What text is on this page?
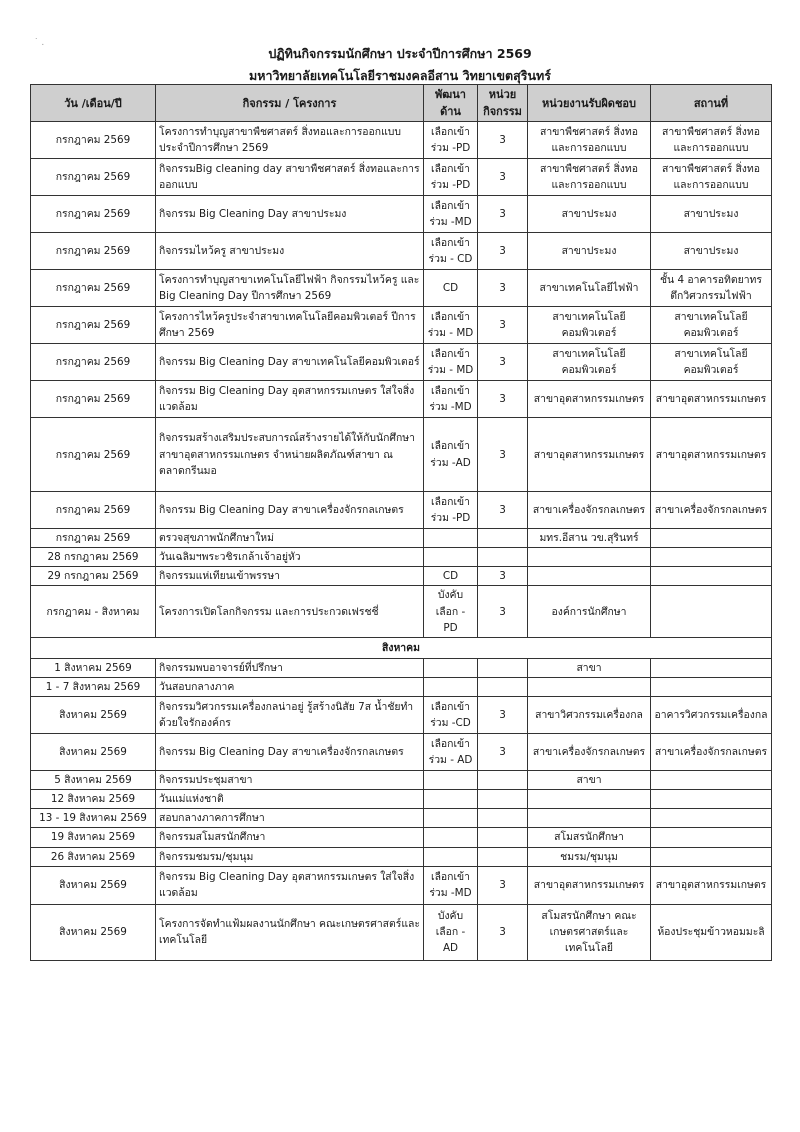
˙ .
ปฏิทินกิจกรรมนักศึกษา ประจำปีการศึกษา 2569
มหาวิทยาลัยเทคโนโลยีราชมงคลอีสาน วิทยาเขตสุรินทร์
วัน /เดือน/ปี	กิจกรรม / โครงการ	พัฒนาด้าน	หน่วยกิจกรรม	หน่วยงานรับผิดชอบ	สถานที่
กรกฎาคม 2569	โครงการทำบุญสาขาพืชศาสตร์ สิ่งทอและการออกแบบ ประจำปีการศึกษา 2569	เลือกเข้าร่วม -PD	3	สาขาพืชศาสตร์ สิ่งทอและการออกแบบ	สาขาพืชศาสตร์ สิ่งทอและการออกแบบ
กรกฎาคม 2569	กิจกรรมBig cleaning day สาขาพืชศาสตร์ สิ่งทอและการออกแบบ	เลือกเข้าร่วม -PD	3	สาขาพืชศาสตร์ สิ่งทอและการออกแบบ	สาขาพืชศาสตร์ สิ่งทอและการออกแบบ
กรกฎาคม 2569	กิจกรรม Big Cleaning Day สาขาประมง	เลือกเข้าร่วม -MD	3	สาขาประมง	สาขาประมง
กรกฎาคม 2569	กิจกรรมไหว้ครู สาขาประมง	เลือกเข้าร่วม - CD	3	สาขาประมง	สาขาประมง
กรกฎาคม 2569	โครงการทำบุญสาขาเทคโนโลยีไฟฟ้า กิจกรรมไหว้ครู และ Big Cleaning Day ปีการศึกษา 2569	CD	3	สาขาเทคโนโลยีไฟฟ้า	ชั้น 4 อาคารอทิตยาทร ตึกวิศวกรรมไฟฟ้า
กรกฎาคม 2569	โครงการไหว้ครูประจำสาขาเทคโนโลยีคอมพิวเตอร์ ปีการศึกษา 2569	เลือกเข้าร่วม - MD	3	สาขาเทคโนโลยี คอมพิวเตอร์	สาขาเทคโนโลยี คอมพิวเตอร์
กรกฎาคม 2569	กิจกรรม Big Cleaning Day สาขาเทคโนโลยีคอมพิวเตอร์	เลือกเข้าร่วม - MD	3	สาขาเทคโนโลยี คอมพิวเตอร์	สาขาเทคโนโลยี คอมพิวเตอร์
กรกฎาคม 2569	กิจกรรม Big Cleaning Day อุตสาหกรรมเกษตร ใส่ใจสิ่งแวดล้อม	เลือกเข้าร่วม -MD	3	สาขาอุตสาหกรรมเกษตร	สาขาอุตสาหกรรมเกษตร
กรกฎาคม 2569	กิจกรรมสร้างเสริมประสบการณ์สร้างรายได้ให้กับนักศึกษาสาขาอุตสาหกรรมเกษตร จำหน่ายผลิตภัณฑ์สาขา ณ ตลาดกรีนมอ	เลือกเข้าร่วม -AD	3	สาขาอุตสาหกรรมเกษตร	สาขาอุตสาหกรรมเกษตร
กรกฎาคม 2569	กิจกรรม Big Cleaning Day สาขาเครื่องจักรกลเกษตร	เลือกเข้าร่วม -PD	3	สาขาเครื่องจักรกลเกษตร	สาขาเครื่องจักรกลเกษตร
กรกฎาคม 2569	ตรวจสุขภาพนักศึกษาใหม่			มทร.อีสาน วข.สุรินทร์	
28 กรกฎาคม 2569	วันเฉลิมฯพระวชิรเกล้าเจ้าอยู่หัว				
29 กรกฎาคม 2569	กิจกรรมแห่เทียนเข้าพรรษา	CD	3		
กรกฎาคม - สิงหาคม	โครงการเปิดโลกกิจกรรม และการประกวดเฟรชชี่	บังคับเลือก - PD	3	องค์การนักศึกษา	
สิงหาคม					
1 สิงหาคม 2569	กิจกรรมพบอาจารย์ที่ปรึกษา			สาขา	
1 - 7 สิงหาคม 2569	วันสอบกลางภาค				
สิงหาคม 2569	กิจกรรมวิศวกรรมเครื่องกลน่าอยู่ รู้สร้างนิสัย 7ส น้ำชัยทำด้วยใจรักองค์กร	เลือกเข้าร่วม -CD	3	สาขาวิศวกรรมเครื่องกล	อาคารวิศวกรรมเครื่องกล
สิงหาคม 2569	กิจกรรม Big Cleaning Day สาขาเครื่องจักรกลเกษตร	เลือกเข้าร่วม - AD	3	สาขาเครื่องจักรกลเกษตร	สาขาเครื่องจักรกลเกษตร
5 สิงหาคม 2569	กิจกรรมประชุมสาขา			สาขา	
12 สิงหาคม 2569	วันแม่แห่งชาติ				
13 - 19 สิงหาคม 2569	สอบกลางภาคการศึกษา				
19 สิงหาคม 2569	กิจกรรมสโมสรนักศึกษา			สโมสรนักศึกษา	
26 สิงหาคม 2569	กิจกรรมชมรม/ชุมนุม			ชมรม/ชุมนุม	
สิงหาคม 2569	กิจกรรม Big Cleaning Day อุตสาหกรรมเกษตร ใส่ใจสิ่งแวดล้อม	เลือกเข้าร่วม -MD	3	สาขาอุตสาหกรรมเกษตร	สาขาอุตสาหกรรมเกษตร
สิงหาคม 2569	โครงการจัดทำแฟ้มผลงานนักศึกษา คณะเกษตรศาสตร์และเทคโนโลยี	บังคับเลือก - AD	3	สโมสรนักศึกษา คณะเกษตรศาสตร์และเทคโนโลยี	ห้องประชุมข้าวหอมมะลิ
